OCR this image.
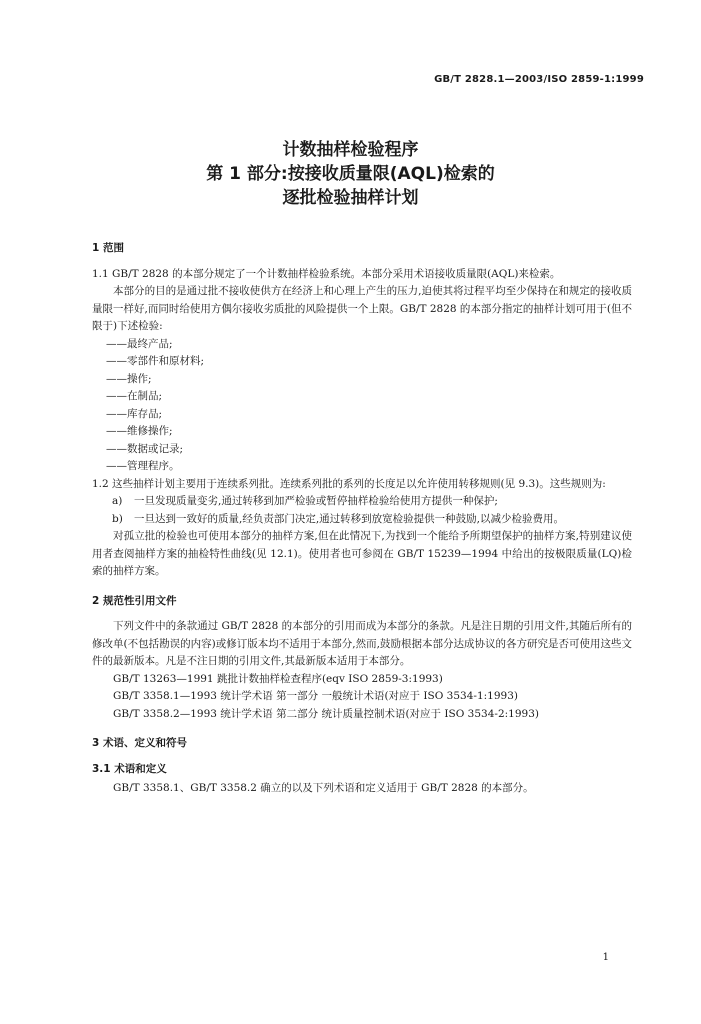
GB/T 2828.1—2003/ISO 2859-1:1999
计数抽样检验程序
第 1 部分:按接收质量限(AQL)检索的
逐批检验抽样计划
1 范围

1.1 GB/T 2828 的本部分规定了一个计数抽样检验系统。本部分采用术语接收质量限(AQL)来检索。

本部分的目的是通过批不接收使供方在经济上和心理上产生的压力,迫使其将过程平均至少保持在和规定的接收质量限一样好,而同时给使用方偶尔接收劣质批的风险提供一个上限。GB/T 2828 的本部分指定的抽样计划可用于(但不限于)下述检验:

——最终产品;

——零部件和原材料;

——操作;

——在制品;

——库存品;

——维修操作;

——数据或记录;

——管理程序。

1.2 这些抽样计划主要用于连续系列批。连续系列批的系列的长度足以允许使用转移规则(见 9.3)。这些规则为:

a)	一旦发现质量变劣,通过转移到加严检验或暂停抽样检验给使用方提供一种保护;
b)	一旦达到一致好的质量,经负责部门决定,通过转移到放宽检验提供一种鼓励,以减少检验费用。

对孤立批的检验也可使用本部分的抽样方案,但在此情况下,为找到一个能给予所期望保护的抽样方案,特别建议使用者查阅抽样方案的抽检特性曲线(见 12.1)。使用者也可参阅在 GB/T 15239—1994 中给出的按极限质量(LQ)检索的抽样方案。

2 规范性引用文件

下列文件中的条款通过 GB/T 2828 的本部分的引用而成为本部分的条款。凡是注日期的引用文件,其随后所有的修改单(不包括勘误的内容)或修订版本均不适用于本部分,然而,鼓励根据本部分达成协议的各方研究是否可使用这些文件的最新版本。凡是不注日期的引用文件,其最新版本适用于本部分。

GB/T 13263—1991 跳批计数抽样检查程序(eqv ISO 2859-3:1993)

GB/T 3358.1—1993 统计学术语 第一部分 一般统计术语(对应于 ISO 3534-1:1993)

GB/T 3358.2—1993 统计学术语 第二部分 统计质量控制术语(对应于 ISO 3534-2:1993)

3 术语、定义和符号
3.1 术语和定义

GB/T 3358.1、GB/T 3358.2 确立的以及下列术语和定义适用于 GB/T 2828 的本部分。

1
